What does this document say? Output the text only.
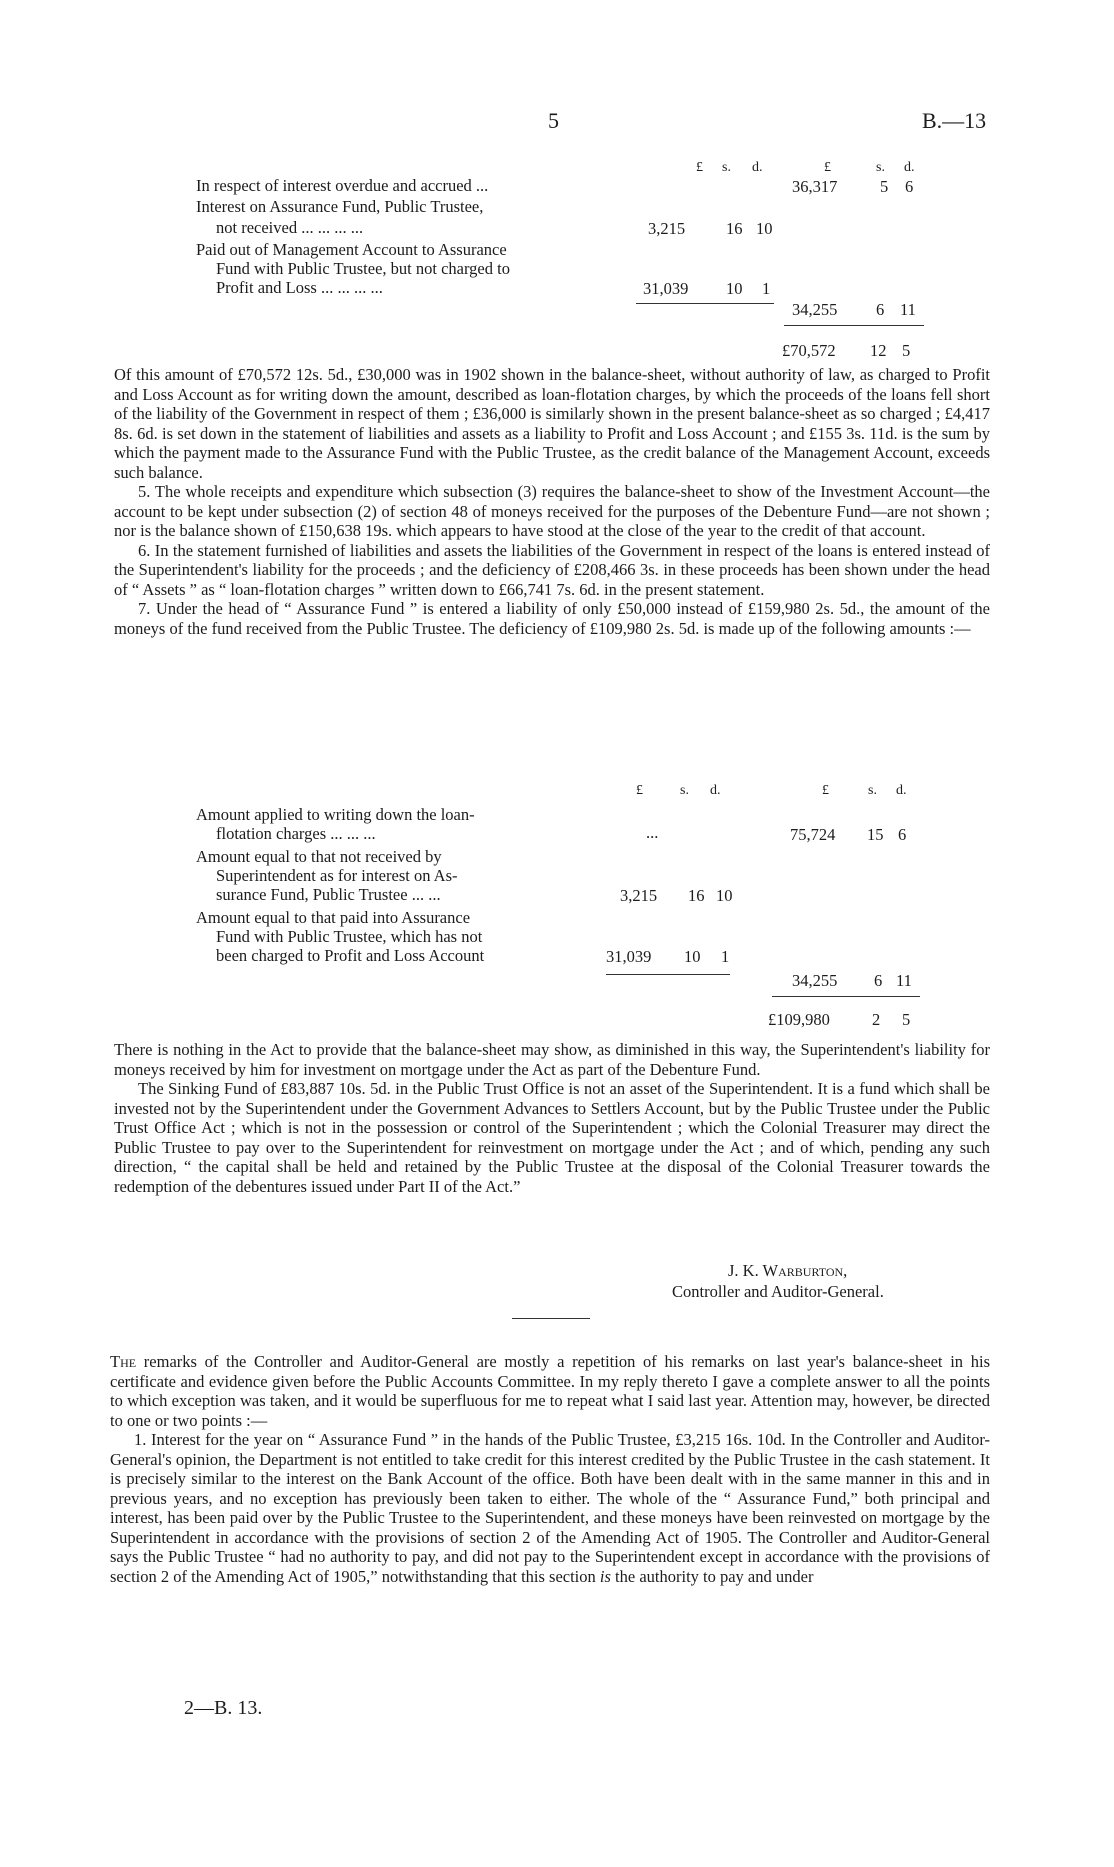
5	B.—13
£ s. d.	£	s. d.
In respect of interest overdue and accrued ...	36,317	5 6
Interest on Assurance Fund, Public Trustee,
not received ... ... ... ...	3,215 16 10
Paid out of Management Account to Assurance
Fund with Public Trustee, but not charged to
Profit and Loss ... ... ... ...	31,039 10 1
34,255 6 11
£70,572 12 5

Of this amount of £70,572 12s. 5d., £30,000 was in 1902 shown in the balance-sheet, without authority of law, as charged to Profit and Loss Account as for writing down the amount, described as loan-flotation charges, by which the proceeds of the loans fell short of the liability of the Government in respect of them ; £36,000 is similarly shown in the present balance-sheet as so charged ; £4,417 8s. 6d. is set down in the statement of liabilities and assets as a liability to Profit and Loss Account ; and £155 3s. 11d. is the sum by which the payment made to the Assurance Fund with the Public Trustee, as the credit balance of the Management Account, exceeds such balance.

5. The whole receipts and expenditure which subsection (3) requires the balance-sheet to show of the Investment Account—the account to be kept under subsection (2) of section 48 of moneys received for the purposes of the Debenture Fund—are not shown ; nor is the balance shown of £150,638 19s. which appears to have stood at the close of the year to the credit of that account.

6. In the statement furnished of liabilities and assets the liabilities of the Government in respect of the loans is entered instead of the Superintendent's liability for the proceeds ; and the deficiency of £208,466 3s. in these proceeds has been shown under the head of “ Assets ” as “ loan-flotation charges ” written down to £66,741 7s. 6d. in the present statement.

7. Under the head of “ Assurance Fund ” is entered a liability of only £50,000 instead of £159,980 2s. 5d., the amount of the moneys of the fund received from the Public Trustee. The deficiency of £109,980 2s. 5d. is made up of the following amounts :—

£	s. d.	£	s. d.
Amount applied to writing down the loan-
flotation charges ... ... ...	...	75,724 15 6
Amount equal to that not received by
Superintendent as for interest on As-
surance Fund, Public Trustee ... ...	3,215 16 10
Amount equal to that paid into Assurance
Fund with Public Trustee, which has not
been charged to Profit and Loss Account	31,039 10 1
34,255 6 11
£109,980	2 5

There is nothing in the Act to provide that the balance-sheet may show, as diminished in this way, the Superintendent's liability for moneys received by him for investment on mortgage under the Act as part of the Debenture Fund.

The Sinking Fund of £83,887 10s. 5d. in the Public Trust Office is not an asset of the Superintendent. It is a fund which shall be invested not by the Superintendent under the Government Advances to Settlers Account, but by the Public Trustee under the Public Trust Office Act ; which is not in the possession or control of the Superintendent ; which the Colonial Treasurer may direct the Public Trustee to pay over to the Superintendent for reinvestment on mortgage under the Act ; and of which, pending any such direction, “ the capital shall be held and retained by the Public Trustee at the disposal of the Colonial Treasurer towards the redemption of the debentures issued under Part II of the Act.”

J. K. Warburton,
Controller and Auditor-General.

The remarks of the Controller and Auditor-General are mostly a repetition of his remarks on last year's balance-sheet in his certificate and evidence given before the Public Accounts Committee. In my reply thereto I gave a complete answer to all the points to which exception was taken, and it would be superfluous for me to repeat what I said last year. Attention may, however, be directed to one or two points :—

1. Interest for the year on “ Assurance Fund ” in the hands of the Public Trustee, £3,215 16s. 10d. In the Controller and Auditor-General's opinion, the Department is not entitled to take credit for this interest credited by the Public Trustee in the cash statement. It is precisely similar to the interest on the Bank Account of the office. Both have been dealt with in the same manner in this and in previous years, and no exception has previously been taken to either. The whole of the “ Assurance Fund,” both principal and interest, has been paid over by the Public Trustee to the Superintendent, and these moneys have been reinvested on mortgage by the Superintendent in accordance with the provisions of section 2 of the Amending Act of 1905. The Controller and Auditor-General says the Public Trustee “ had no authority to pay, and did not pay to the Superintendent except in accordance with the provisions of section 2 of the Amending Act of 1905,” notwithstanding that this section is the authority to pay and under

2—B. 13.
